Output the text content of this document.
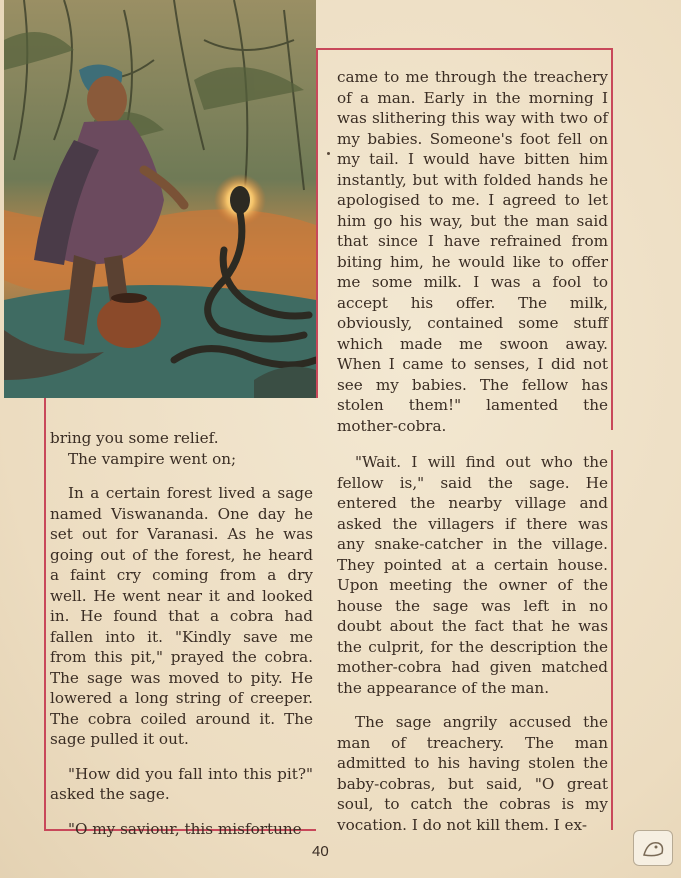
came to me through the treachery of a man. Early in the morning I was slithering this way with two of my babies. Someone's foot fell on my tail. I would have bitten him instantly, but with folded hands he apologised to me. I agreed to let him go his way, but the man said that since I have refrained from biting him, he would like to offer me some milk. I was a fool to accept his offer. The milk, obviously, contained some stuff which made me swoon away. When I came to senses, I did not see my babies. The fellow has stolen them!" lamented the mother-cobra.

bring you some relief.

The vampire went on;

In a certain forest lived a sage named Viswananda. One day he set out for Varanasi. As he was going out of the forest, he heard a faint cry coming from a dry well. He went near it and looked in. He found that a cobra had fallen into it. "Kindly save me from this pit," prayed the cobra. The sage was moved to pity. He lowered a long string of creeper. The cobra coiled around it. The sage pulled it out.

"How did you fall into this pit?" asked the sage.

"O my saviour, this misfortune

"Wait. I will find out who the fellow is," said the sage. He entered the nearby village and asked the villagers if there was any snake-catcher in the village. They pointed at a certain house. Upon meeting the owner of the house the sage was left in no doubt about the fact that he was the culprit, for the description the mother-cobra had given matched the appearance of the man.

The sage angrily accused the man of treachery. The man admitted to his having stolen the baby-cobras, but said, "O great soul, to catch the cobras is my vocation. I do not kill them. I ex-

40
